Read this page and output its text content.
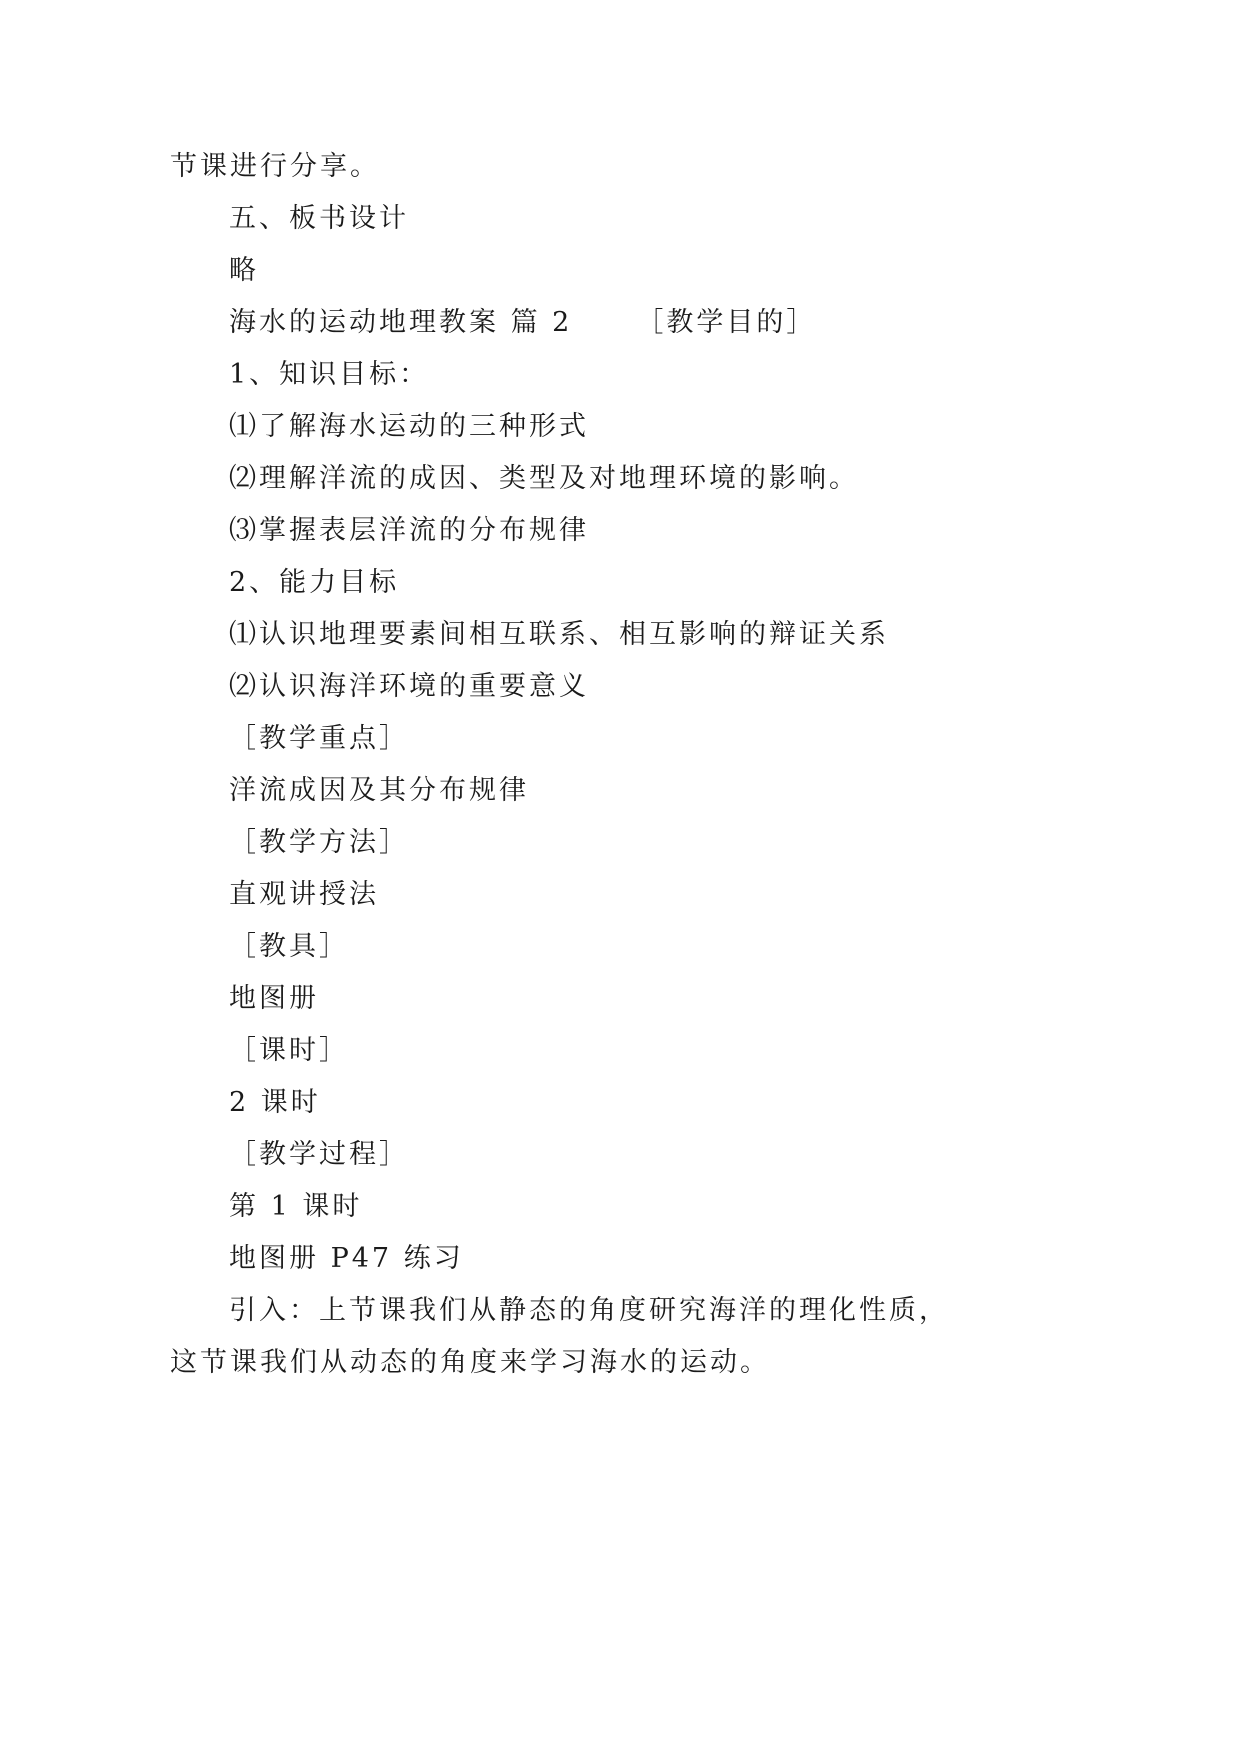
节课进行分享。
五、板书设计
略
海水的运动地理教案 篇 2 ［教学目的］
1、知识目标：
⑴了解海水运动的三种形式
⑵理解洋流的成因、类型及对地理环境的影响。
⑶掌握表层洋流的分布规律
2、能力目标
⑴认识地理要素间相互联系、相互影响的辩证关系
⑵认识海洋环境的重要意义
［教学重点］
洋流成因及其分布规律
［教学方法］
直观讲授法
［教具］
地图册
［课时］
2 课时
［教学过程］
第 1 课时
地图册 P47 练习
引入：上节课我们从静态的角度研究海洋的理化性质，
这节课我们从动态的角度来学习海水的运动。
